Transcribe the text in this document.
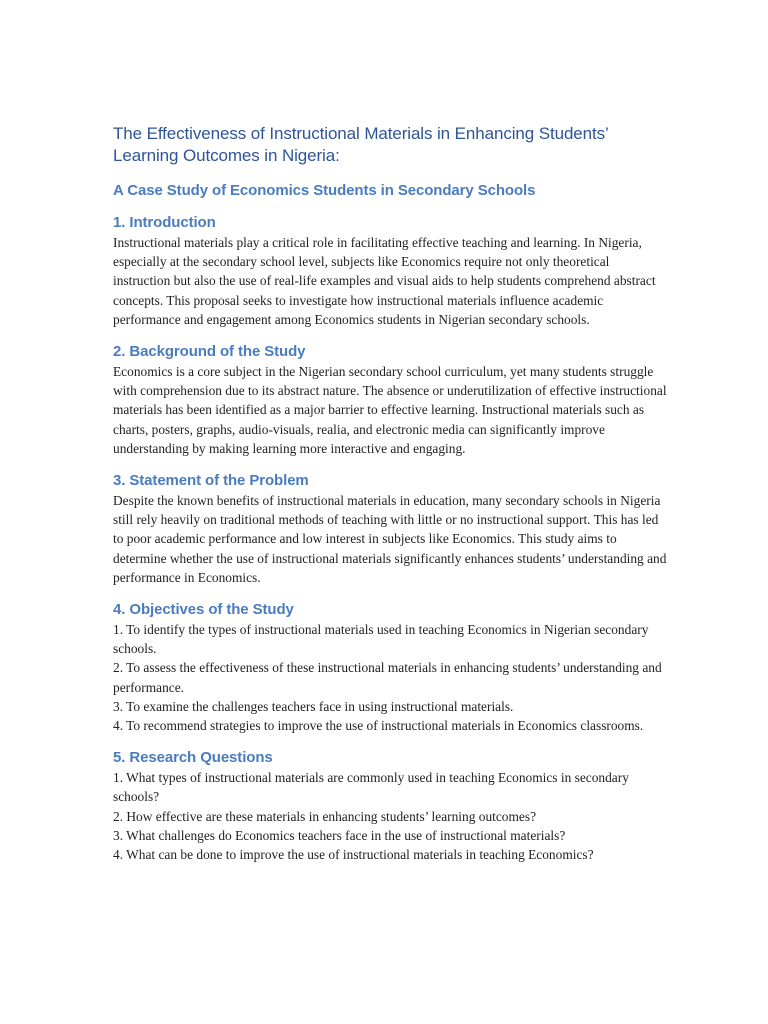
The Effectiveness of Instructional Materials in Enhancing Students’ Learning Outcomes in Nigeria:
A Case Study of Economics Students in Secondary Schools
1. Introduction

Instructional materials play a critical role in facilitating effective teaching and learning. In Nigeria, especially at the secondary school level, subjects like Economics require not only theoretical instruction but also the use of real-life examples and visual aids to help students comprehend abstract concepts. This proposal seeks to investigate how instructional materials influence academic performance and engagement among Economics students in Nigerian secondary schools.

2. Background of the Study

Economics is a core subject in the Nigerian secondary school curriculum, yet many students struggle with comprehension due to its abstract nature. The absence or underutilization of effective instructional materials has been identified as a major barrier to effective learning. Instructional materials such as charts, posters, graphs, audio-visuals, realia, and electronic media can significantly improve understanding by making learning more interactive and engaging.

3. Statement of the Problem

Despite the known benefits of instructional materials in education, many secondary schools in Nigeria still rely heavily on traditional methods of teaching with little or no instructional support. This has led to poor academic performance and low interest in subjects like Economics. This study aims to determine whether the use of instructional materials significantly enhances students’ understanding and performance in Economics.

4. Objectives of the Study

1. To identify the types of instructional materials used in teaching Economics in Nigerian secondary schools.

2. To assess the effectiveness of these instructional materials in enhancing students’ understanding and performance.

3. To examine the challenges teachers face in using instructional materials.

4. To recommend strategies to improve the use of instructional materials in Economics classrooms.

5. Research Questions

1. What types of instructional materials are commonly used in teaching Economics in secondary schools?

2. How effective are these materials in enhancing students’ learning outcomes?

3. What challenges do Economics teachers face in the use of instructional materials?

4. What can be done to improve the use of instructional materials in teaching Economics?
